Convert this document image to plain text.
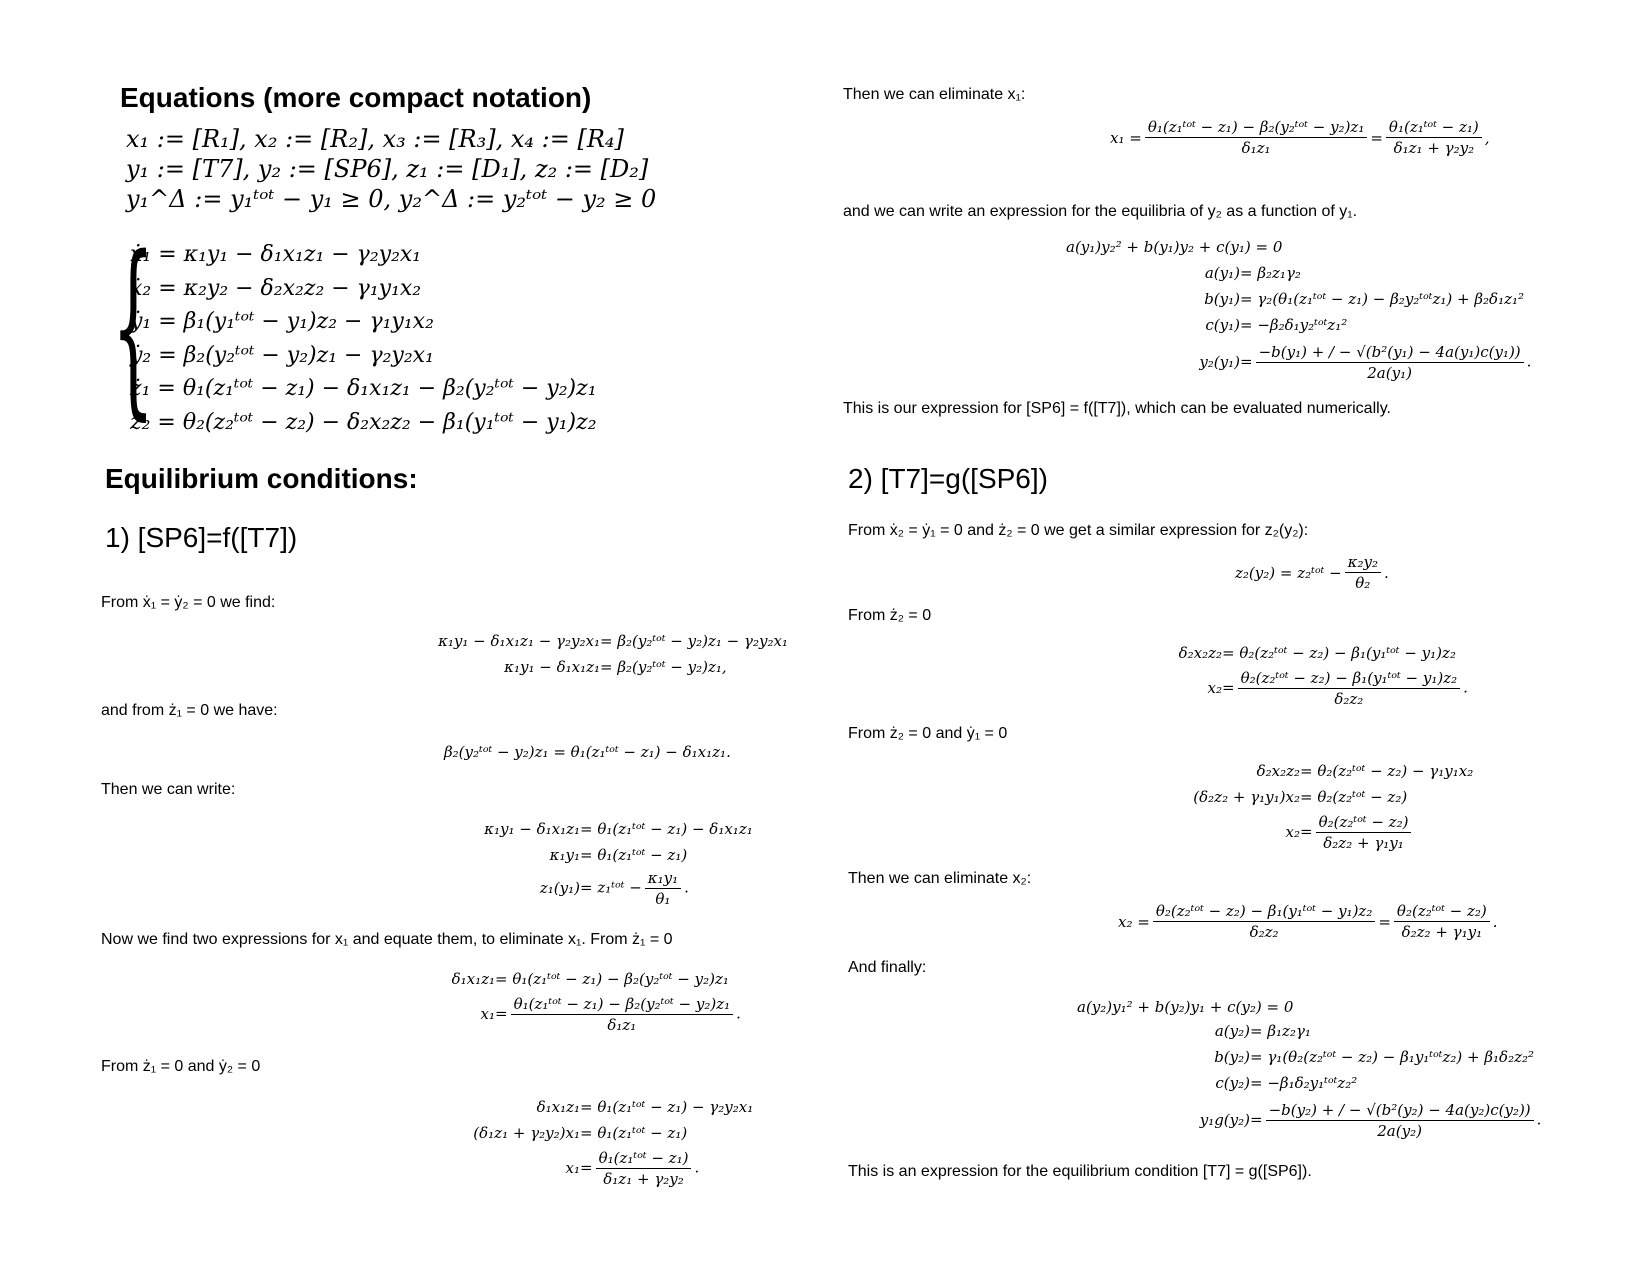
Equations (more compact notation)
x₁ := [R₁], x₂ := [R₂], x₃ := [R₃], x₄ := [R₄]
y₁ := [T7], y₂ := [SP6], z₁ := [D₁], z₂ := [D₂]
y₁^Δ := y₁ᵗᵒᵗ − y₁ ≥ 0, y₂^Δ := y₂ᵗᵒᵗ − y₂ ≥ 0
{
ẋ₁ = κ₁y₁ − δ₁x₁z₁ − γ₂y₂x₁
ẋ₂ = κ₂y₂ − δ₂x₂z₂ − γ₁y₁x₂
ẏ₁ = β₁(y₁ᵗᵒᵗ − y₁)z₂ − γ₁y₁x₂
ẏ₂ = β₂(y₂ᵗᵒᵗ − y₂)z₁ − γ₂y₂x₁
ż₁ = θ₁(z₁ᵗᵒᵗ − z₁) − δ₁x₁z₁ − β₂(y₂ᵗᵒᵗ − y₂)z₁
ż₂ = θ₂(z₂ᵗᵒᵗ − z₂) − δ₂x₂z₂ − β₁(y₁ᵗᵒᵗ − y₁)z₂
Equilibrium conditions:
1) [SP6]=f([T7])
From ẋ₁ = ẏ₂ = 0 we find:
κ₁y₁ − δ₁x₁z₁ − γ₂y₂x₁ = β₂(y₂ᵗᵒᵗ − y₂)z₁ − γ₂y₂x₁
κ₁y₁ − δ₁x₁z₁ = β₂(y₂ᵗᵒᵗ − y₂)z₁,
and from ż₁ = 0 we have:
β₂(y₂ᵗᵒᵗ − y₂)z₁ = θ₁(z₁ᵗᵒᵗ − z₁) − δ₁x₁z₁.
Then we can write:
κ₁y₁ − δ₁x₁z₁ = θ₁(z₁ᵗᵒᵗ − z₁) − δ₁x₁z₁
κ₁y₁ = θ₁(z₁ᵗᵒᵗ − z₁)
z₁(y₁) = z₁ᵗᵒᵗ − $\frac{\text{κ₁y₁}}{\text{θ₁}}$ .
Now we find two expressions for x₁ and equate them, to eliminate x₁. From ż₁ = 0
δ₁x₁z₁ = θ₁(z₁ᵗᵒᵗ − z₁) − β₂(y₂ᵗᵒᵗ − y₂)z₁
$x_1 = \frac{\text{θ₁(z₁ᵗᵒᵗ − z₁) − β₂(y₂ᵗᵒᵗ − y₂)z₁}}{\text{δ₁z₁}}$ .
From ż₁ = 0 and ẏ₂ = 0
δ₁x₁z₁ = θ₁(z₁ᵗᵒᵗ − z₁) − γ₂y₂x₁
(δ₁z₁ + γ₂y₂)x₁ = θ₁(z₁ᵗᵒᵗ − z₁)
$x_1 = \frac{\text{θ₁(z₁ᵗᵒᵗ − z₁)}}{\text{δ₁z₁ + γ₂y₂}}$ .
Then we can eliminate x₁:
$x_1 = \frac{\text{θ₁(z₁ᵗᵒᵗ − z₁) − β₂(y₂ᵗᵒᵗ − y₂)z₁}}{\text{δ₁z₁}} = \frac{\text{θ₁(z₁ᵗᵒᵗ − z₁)}}{\text{δ₁z₁ + γ₂y₂}}$ ,
and we can write an expression for the equilibria of y₂ as a function of y₁.
a(y₁)y₂² + b(y₁)y₂ + c(y₁) = 0
a(y₁) = β₂z₁γ₂
b(y₁) = γ₂(θ₁(z₁ᵗᵒᵗ − z₁) − β₂y₂ᵗᵒᵗz₁) + β₂δ₁z₁²
c(y₁) = −β₂δ₁y₂ᵗᵒᵗz₁²
$y_2(y_1) = \frac{\text{−b(y₁) + / − √(b²(y₁) − 4a(y₁)c(y₁))}}{\text{2a(y₁)}}$ .
This is our expression for [SP6] = f([T7]), which can be evaluated numerically.
2) [T7]=g([SP6])
From ẋ₂ = ẏ₁ = 0 and ż₂ = 0 we get a similar expression for z₂(y₂):
z₂(y₂) = z₂ᵗᵒᵗ − $\frac{\text{κ₂y₂}}{\text{θ₂}}$ .
From ż₂ = 0
δ₂x₂z₂ = θ₂(z₂ᵗᵒᵗ − z₂) − β₁(y₁ᵗᵒᵗ − y₁)z₂
$x_2 = \frac{\text{θ₂(z₂ᵗᵒᵗ − z₂) − β₁(y₁ᵗᵒᵗ − y₁)z₂}}{\text{δ₂z₂}}$ .
From ż₂ = 0 and ẏ₁ = 0
δ₂x₂z₂ = θ₂(z₂ᵗᵒᵗ − z₂) − γ₁y₁x₂
(δ₂z₂ + γ₁y₁)x₂ = θ₂(z₂ᵗᵒᵗ − z₂)
$x_2 = \frac{\text{θ₂(z₂ᵗᵒᵗ − z₂)}}{\text{δ₂z₂ + γ₁y₁}}$
Then we can eliminate x₂:
$x_2 = \frac{\text{θ₂(z₂ᵗᵒᵗ − z₂) − β₁(y₁ᵗᵒᵗ − y₁)z₂}}{\text{δ₂z₂}} = \frac{\text{θ₂(z₂ᵗᵒᵗ − z₂)}}{\text{δ₂z₂ + γ₁y₁}}$ .
And finally:
a(y₂)y₁² + b(y₂)y₁ + c(y₂) = 0
a(y₂) = β₁z₂γ₁
b(y₂) = γ₁(θ₂(z₂ᵗᵒᵗ − z₂) − β₁y₁ᵗᵒᵗz₂) + β₁δ₂z₂²
c(y₂) = −β₁δ₂y₁ᵗᵒᵗz₂²
$y_1g(y_2) = \frac{\text{−b(y₂) + / − √(b²(y₂) − 4a(y₂)c(y₂))}}{\text{2a(y₂)}}$ .
This is an expression for the equilibrium condition [T7] = g([SP6]).
